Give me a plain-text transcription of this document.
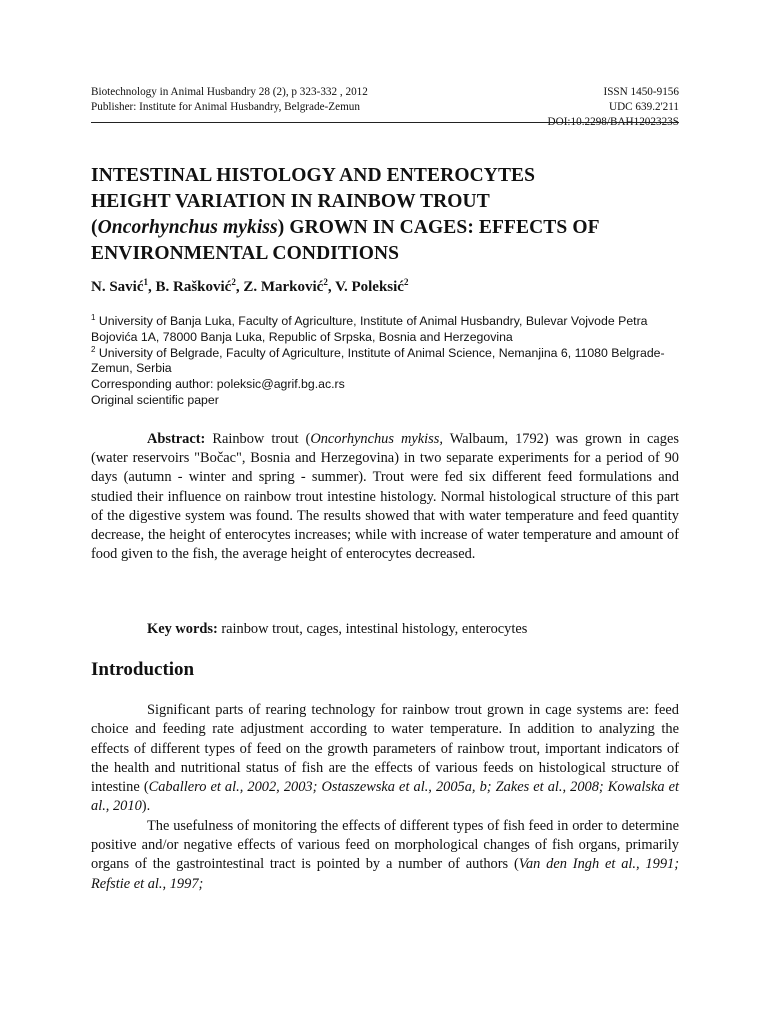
Biotechnology in Animal Husbandry 28 (2), p 323-332 , 2012	ISSN 1450-9156
Publisher: Institute for Animal Husbandry, Belgrade-Zemun	UDC 639.2'211
DOI:10.2298/BAH1202323S
INTESTINAL HISTOLOGY AND ENTEROCYTES
HEIGHT VARIATION IN RAINBOW TROUT
(Oncorhynchus mykiss) GROWN IN CAGES: EFFECTS OF
ENVIRONMENTAL CONDITIONS
N. Savić$^1$, B. Rašković$^2$, Z. Marković$^2$, V. Poleksić$^2$
$^1$ University of Banja Luka, Faculty of Agriculture, Institute of Animal Husbandry, Bulevar Vojvode Petra Bojovića 1A, 78000 Banja Luka, Republic of Srpska, Bosnia and Herzegovina
$^2$ University of Belgrade, Faculty of Agriculture, Institute of Animal Science, Nemanjina 6, 11080 Belgrade-Zemun, Serbia
Corresponding author: poleksic@agrif.bg.ac.rs
Original scientific paper
Abstract: Rainbow trout (Oncorhynchus mykiss, Walbaum, 1792) was grown in cages (water reservoirs "Bočac", Bosnia and Herzegovina) in two separate experiments for a period of 90 days (autumn - winter and spring - summer). Trout were fed six different feed formulations and studied their influence on rainbow trout intestine histology. Normal histological structure of this part of the digestive system was found. The results showed that with water temperature and feed quantity decrease, the height of enterocytes increases; while with increase of water temperature and amount of food given to the fish, the average height of enterocytes decreased.
Key words: rainbow trout, cages, intestinal histology, enterocytes
Introduction

Significant parts of rearing technology for rainbow trout grown in cage systems are: feed choice and feeding rate adjustment according to water temperature. In addition to analyzing the effects of different types of feed on the growth parameters of rainbow trout, important indicators of the health and nutritional status of fish are the effects of various feeds on histological structure of intestine (Caballero et al., 2002, 2003; Ostaszewska et al., 2005a, b; Zakes et al., 2008; Kowalska et al., 2010).

The usefulness of monitoring the effects of different types of fish feed in order to determine positive and/or negative effects of various feed on morphological changes of fish organs, primarily organs of the gastrointestinal tract is pointed by a number of authors (Van den Ingh et al., 1991; Refstie et al., 1997;
